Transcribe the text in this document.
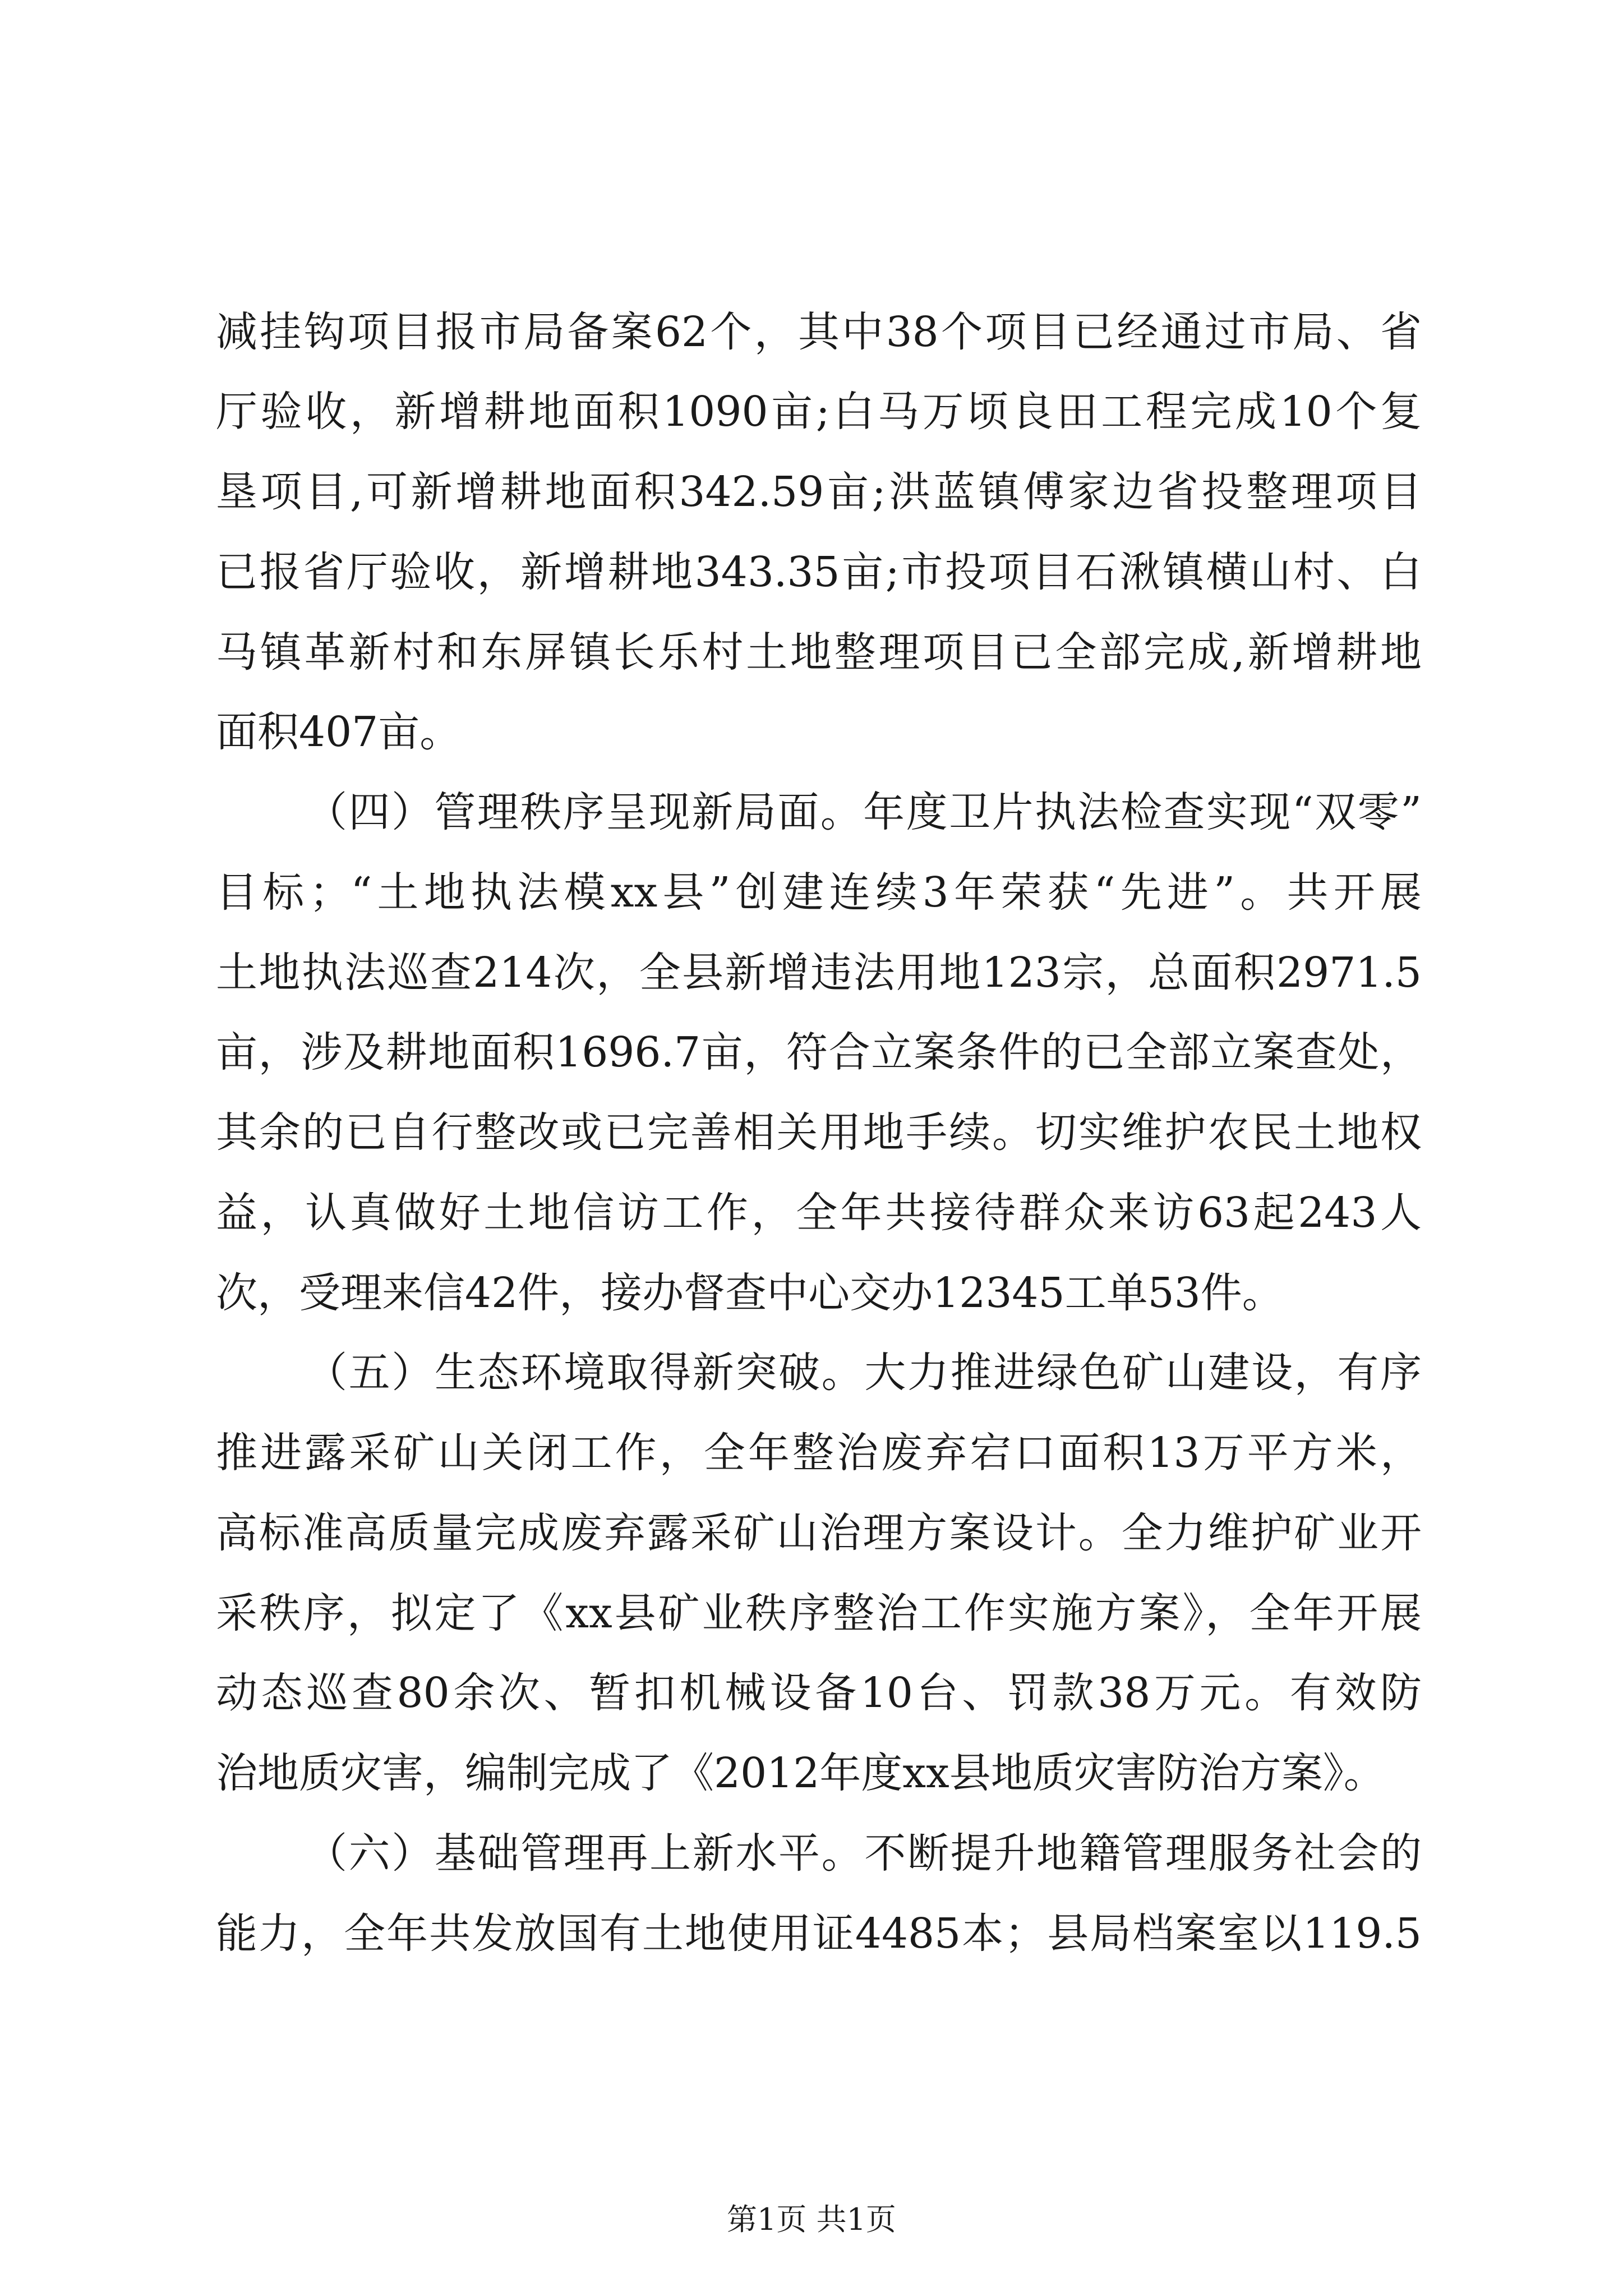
减挂钩项目报市局备案62个，其中38个项目已经通过市局、省
厅验收，新增耕地面积1090亩;白马万顷良田工程完成10个复
垦项目,可新增耕地面积342.59亩;洪蓝镇傅家边省投整理项目
已报省厅验收，新增耕地343.35亩;市投项目石湫镇横山村、白
马镇革新村和东屏镇长乐村土地整理项目已全部完成,新增耕地
面积407亩。
（四）管理秩序呈现新局面。年度卫片执法检查实现“双零”
目标；“土地执法模xx县”创建连续3年荣获“先进”。共开展
土地执法巡查214次，全县新增违法用地123宗，总面积2971.5
亩，涉及耕地面积1696.7亩，符合立案条件的已全部立案查处，
其余的已自行整改或已完善相关用地手续。切实维护农民土地权
益，认真做好土地信访工作，全年共接待群众来访63起243人
次，受理来信42件，接办督查中心交办12345工单53件。
（五）生态环境取得新突破。大力推进绿色矿山建设，有序
推进露采矿山关闭工作，全年整治废弃宕口面积13万平方米，
高标准高质量完成废弃露采矿山治理方案设计。全力维护矿业开
采秩序，拟定了《xx县矿业秩序整治工作实施方案》，全年开展
动态巡查80余次、暂扣机械设备10台、罚款38万元。有效防
治地质灾害，编制完成了《2012年度xx县地质灾害防治方案》。
（六）基础管理再上新水平。不断提升地籍管理服务社会的
能力，全年共发放国有土地使用证4485本；县局档案室以119.5
第1页 共1页
